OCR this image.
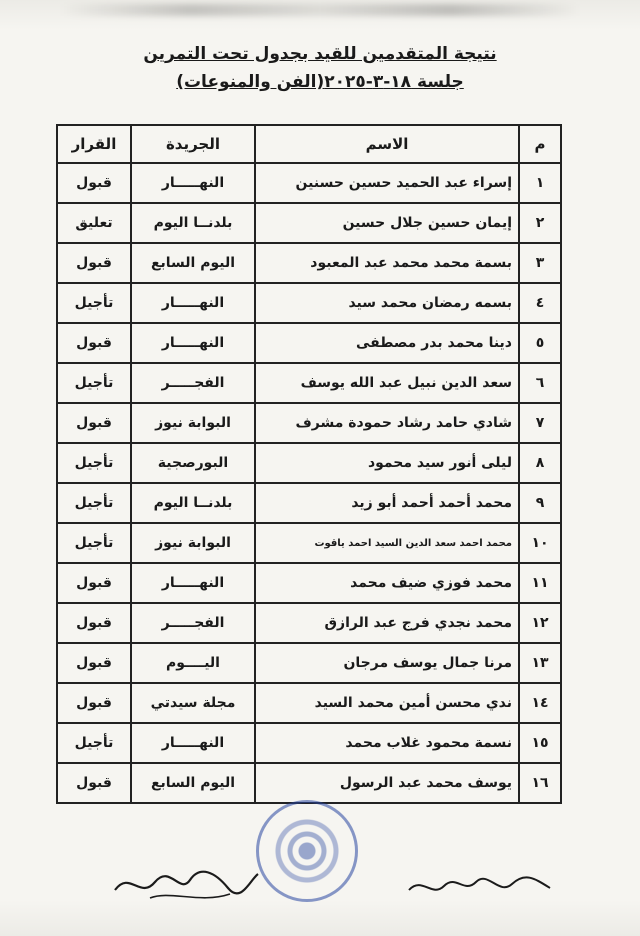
نتيجة المتقدمين للقيد بجدول تحت التمرين
جلسة ١٨-٣-٢٠٢٥(الفن والمنوعات)
م	الاسم	الجريدة	القرار
١	إسراء عبد الحميد حسين حسنين	النهـــــار	قبول
٢	إيمان حسين جلال حسين	بلدنــا اليوم	تعليق
٣	بسمة محمد محمد عبد المعبود	اليوم السابع	قبول
٤	بسمه رمضان محمد سيد	النهـــــار	تأجيل
٥	دينا محمد بدر مصطفى	النهـــــار	قبول
٦	سعد الدين نبيل عبد الله يوسف	الفجـــــر	تأجيل
٧	شادي حامد رشاد حمودة مشرف	البوابة نيوز	قبول
٨	ليلى أنور سيد محمود	البورصجية	تأجيل
٩	محمد أحمد أحمد أبو زيد	بلدنــا اليوم	تأجيل
١٠	محمد احمد سعد الدين السيد احمد ياقوت	البوابة نيوز	تأجيل
١١	محمد فوزي ضيف محمد	النهـــــار	قبول
١٢	محمد نجدي فرج عبد الرازق	الفجـــــر	قبول
١٣	مرنا جمال يوسف مرجان	اليــــوم	قبول
١٤	ندي محسن أمين محمد السيد	مجلة سيدتي	قبول
١٥	نسمة محمود غلاب محمد	النهـــــار	تأجيل
١٦	يوسف محمد عبد الرسول	اليوم السابع	قبول
